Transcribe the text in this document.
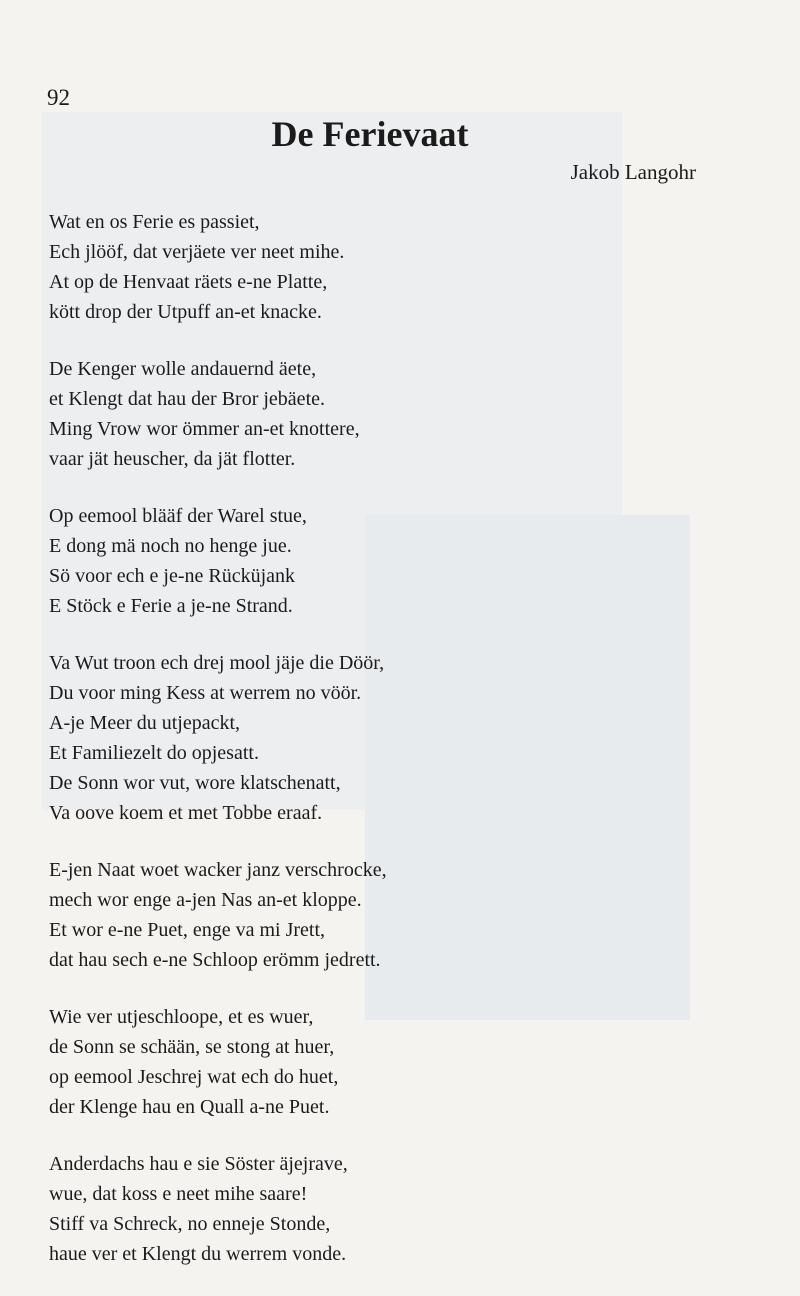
92
De Ferievaat
Jakob Langohr
Wat en os Ferie es passiet,
Ech jlööf, dat verjäete ver neet mihe.
At op de Henvaat räets e-ne Platte,
kött drop der Utpuff an-et knacke.
De Kenger wolle andauernd äete,
et Klengt dat hau der Bror jebäete.
Ming Vrow wor ömmer an-et knottere,
vaar jät heuscher, da jät flotter.
Op eemool blääf der Warel stue,
E dong mä noch no henge jue.
Sö voor ech e je-ne Rücküjank
E Stöck e Ferie a je-ne Strand.
Va Wut troon ech drej mool jäje die Döör,
Du voor ming Kess at werrem no vöör.
A-je Meer du utjepackt,
Et Familiezelt do opjesatt.
De Sonn wor vut, wore klatschenatt,
Va oove koem et met Tobbe eraaf.
E-jen Naat woet wacker janz verschrocke,
mech wor enge a-jen Nas an-et kloppe.
Et wor e-ne Puet, enge va mi Jrett,
dat hau sech e-ne Schloop erömm jedrett.
Wie ver utjeschloope, et es wuer,
de Sonn se schään, se stong at huer,
op eemool Jeschrej wat ech do huet,
der Klenge hau en Quall a-ne Puet.
Anderdachs hau e sie Söster äjejrave,
wue, dat koss e neet mihe saare!
Stiff va Schreck, no enneje Stonde,
haue ver et Klengt du werrem vonde.
